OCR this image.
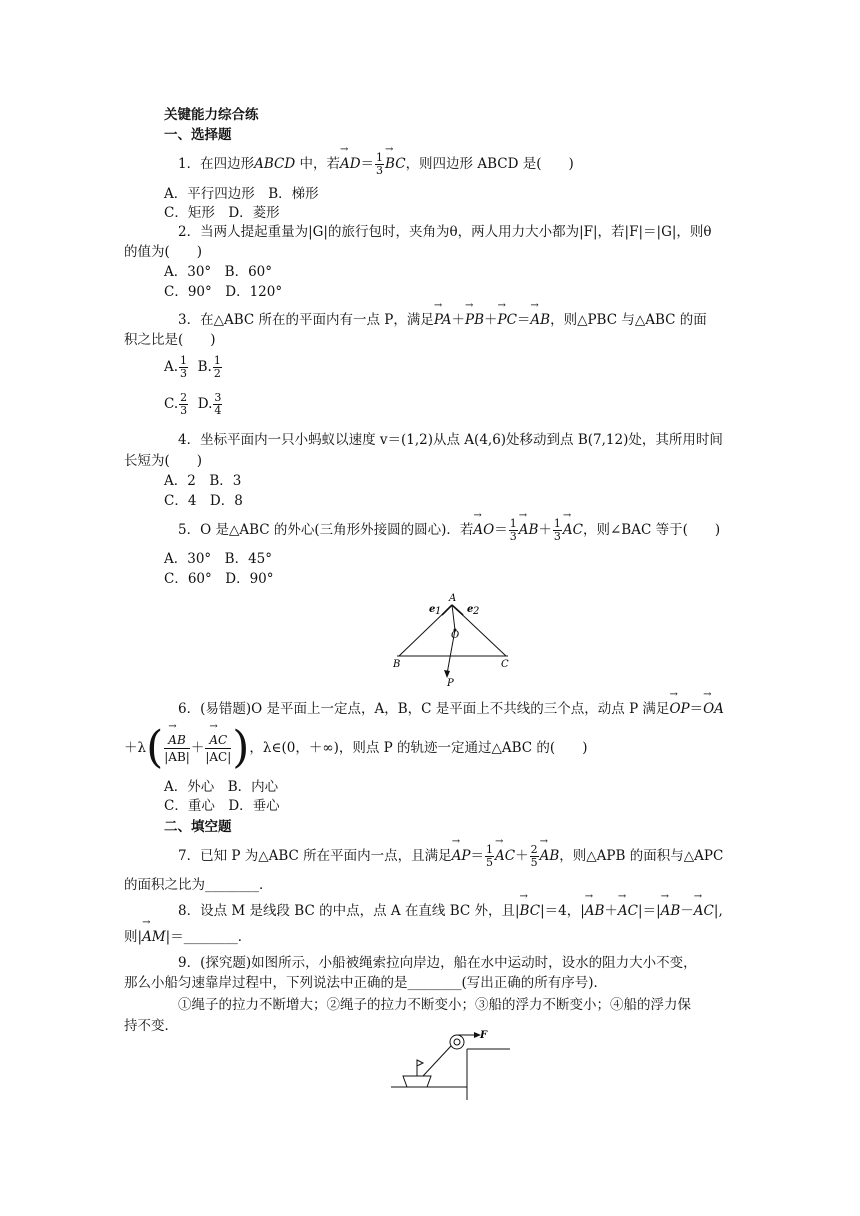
关键能力综合练
一、选择题
1．在四边形ABCD 中，若→ $AD= \frac{1}{3}$
→ BC，则四边形 ABCD 是(　　)
A．平行四边形　B．梯形
C．矩形　D．菱形
2．当两人提起重量为|G|的旅行包时，夹角为θ，两人用力大小都为|F|，若|F|＝|G|，则θ
的值为(　　)
A．30°　B．60°
C．90°　D．120°
3．在△ABC 所在的平面内有一点 P，满足→ PA＋→ PB＋→ PC＝→ AB，则△PBC 与△ABC 的面
积之比是(　　)
A. $\frac{1}{3} B$. $\frac{1}{2}$
C. $\frac{2}{3} D$. $\frac{3}{4}$
4．坐标平面内一只小蚂蚁以速度 v＝(1,2)从点 A(4,6)处移动到点 B(7,12)处，其所用时间
长短为(　　)
A．2　B．3
C．4　D．8
5．O 是△ABC 的外心(三角形外接圆的圆心)．若→ $AO= \frac{1}{3}$
→ $AB+ \frac{1}{3}$
→ AC，则∠BAC 等于(　　)
A．30°　B．45°
C．60°　D．90°
A
e 1	e 2
O
B	C
P
6．(易错题)O 是平面上一定点，A，B，C 是平面上不共线的三个点，动点 P 满足→ OP＝→ OA
＋λ(
→ $\frac{AB}{|AB|}$ ＋
→ $\frac{AC}{|AC|}$ )，λ∈(0，＋∞)，则点 P 的轨迹一定通过△ABC 的(　　)
A．外心　B．内心
C．重心　D．垂心
二、填空题
7．已知 P 为△ABC 所在平面内一点，且满足→ $AP= \frac{1}{5}$
→ $AC+ \frac{2}{5}$
→ AB，则△APB 的面积与△APC
的面积之比为________．
8．设点 M 是线段 BC 的中点，点 A 在直线 BC 外，且|→ BC|＝4，|→ AB＋→ AC|＝|→ AB－→ AC|,
则|→ AM|＝________．
9．(探究题)如图所示，小船被绳索拉向岸边，船在水中运动时，设水的阻力大小不变，
那么小船匀速靠岸过程中，下列说法中正确的是________(写出正确的所有序号)．
①绳子的拉力不断增大；②绳子的拉力不断变小；③船的浮力不断变小；④船的浮力保
持不变．
F
